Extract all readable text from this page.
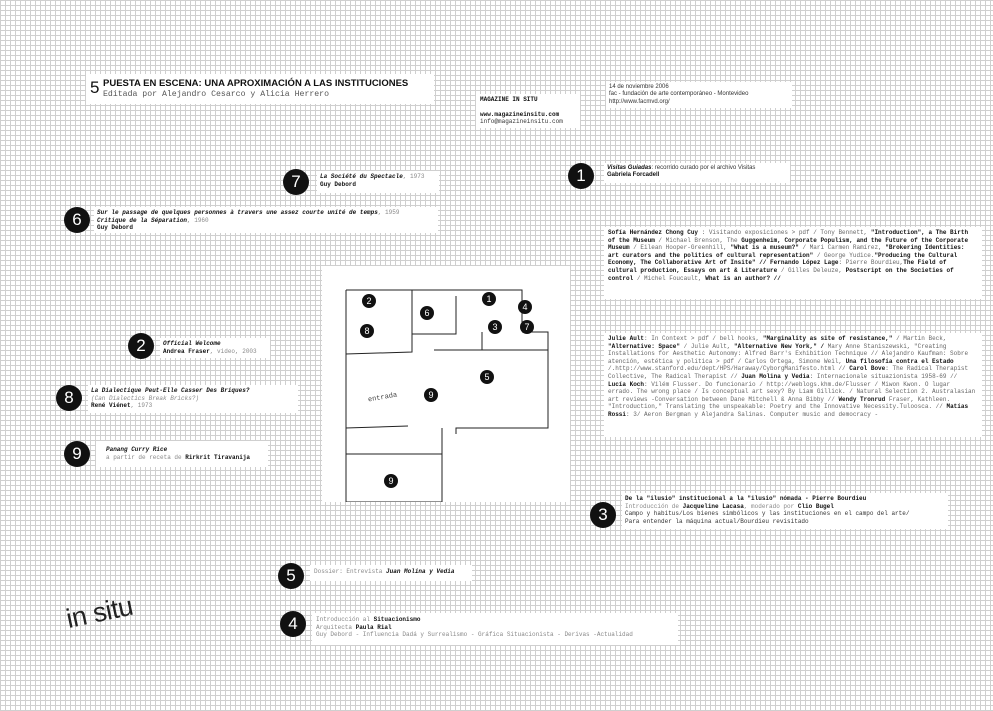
5 PUESTA EN ESCENA: UNA APROXIMACIÓN A LAS INSTITUCIONES
Editada por Alejandro Cesarco y Alicia Herrero
MAGAZINE IN SITU
www.magazineinsitu.com
info@magazineinsitu.com
14 de noviembre 2006
fac - fundación de arte contemporáneo - Montevideo
http://www.facmvd.org/
1	Visitas Guiadas: recorrido curado por el archivo Visitas
Gabriela Forcadell
7	La Société du Spectacle, 1973
Guy Debord
6	Sur le passage de quelques personnes à travers une assez courte unité de temps, 1959
Critique de la Séparation, 1960
Guy Debord
Sofía Hernández Chong Cuy : Visitando exposiciones > pdf / Tony Bennett, "Introduction", a The Birth of the Museum / Michael Brenson, The Guggenheim, Corporate Populism, and the Future of the Corporate Museum / Eilean Hooper-Greenhill, "What is a museum?" / Mari Carmen Ramírez, "Brokering Identities: art curators and the politics of cultural representation" / George Yudice."Producing the Cultural Economy, The Collaborative Art of Insite" // Fernando López Lage: Pierre Bourdieu,The Field of cultural production, Essays on art & Literature / Gilles Deleuze, Postscript on the Societies of control / Michel Foucault, What is an author? //
entrada
2
6
1
4
8	3	7
5
9
9
2	Official Welcome
Andrea Fraser, video, 2003
Julie Ault: In Context > pdf / bell hooks, "Marginality as site of resistance," / Martin Beck, "Alternative: Space" / Julie Ault, "Alternative New York," / Mary Anne Staniszewski, "Creating Installations for Aesthetic Autonomy: Alfred Barr's Exhibition Technique // Alejandro Kaufman: Sobre atención, estética y política > pdf / Carlos Ortega, Simone Weil, Una filosofía contra el Estado /.http://www.stanford.edu/dept/HPS/Haraway/CyborgManifesto.html // Carol Bove: The Radical Therapist Collective, The Radical Therapist // Juan Molina y Vedia: Internacionale situazionista 1958-69 // Lucía Koch: Vilém Flusser. Do funcionario / http://weblogs.khm.de/Flusser / Miwon Kwon. O lugar errado. The wrong place / Is conceptual art sexy? By Liam Gillick. / Natural Selection 2. Australasian art reviews -Conversation between Dane Mitchell & Anna Bibby // Wendy Tronrud Fraser, Kathleen. "Introduction," Translating the unspeakable: Poetry and the Innovative Necessity.Tuloosca. // Matías Rossi: 3/ Aeron Bergman y Alejandra Salinas. Computer music and democracy -
8	La Dialectique Peut-Elle Casser Des Briques?
(Can Dialectics Break Bricks?)
René Viénet, 1973
9	Panang Curry Rice
a partir de receta de Rirkrit Tiravanija
3
De la "ilusio" institucional a la "ilusio" nómada - Pierre Bourdieu
Introducción de Jacqueline Lacasa, moderado por Clio Bugel
Campo y habitus/Los bienes simbólicos y las instituciones en el campo del arte/
Para entender la máquina actual/Bourdieu revisitado
5	Dossier: Entrevista Juan Molina y Vedia
in situ	4	Introducción al Situacionismo
Arquitecta Paula Rial
Guy Debord - Influencia Dadá y Surrealismo - Gráfica Situacionista - Derivas -Actualidad
